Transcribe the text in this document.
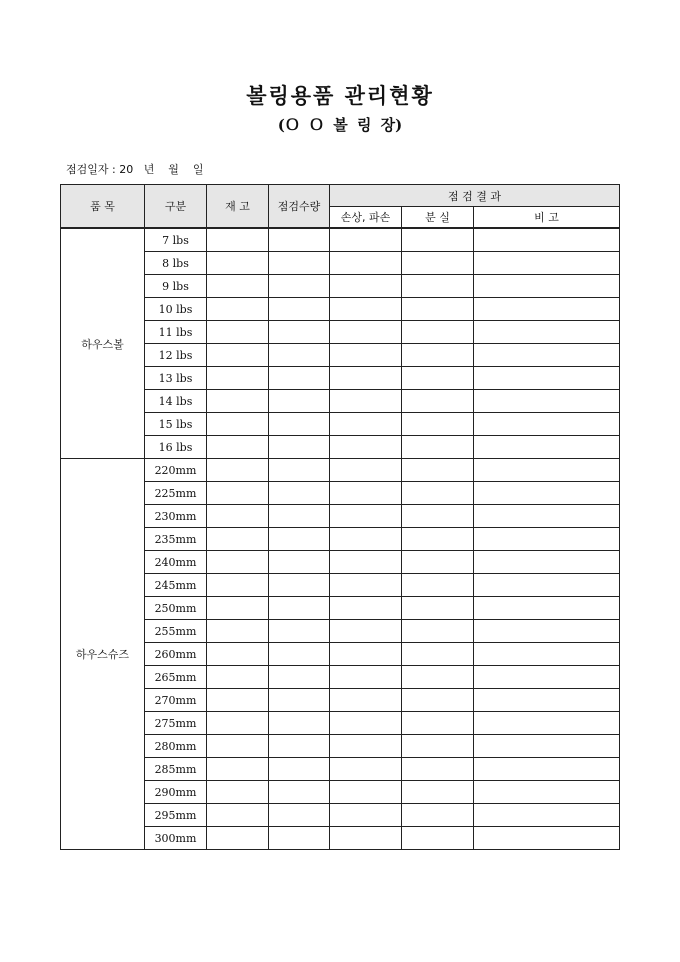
볼링용품 관리현황
(Ｏ Ｏ 볼 링 장)
점검일자 : 20   년    월    일
품 목	구분	재 고	점검수량	점 검 결 과		
				손상, 파손	분 실	비 고
하우스볼	7 lbs					
	8 lbs					
	9 lbs					
	10 lbs					
	11 lbs					
	12 lbs					
	13 lbs					
	14 lbs					
	15 lbs					
	16 lbs					
하우스슈즈	220mm					
	225mm					
	230mm					
	235mm					
	240mm					
	245mm					
	250mm					
	255mm					
	260mm					
	265mm					
	270mm					
	275mm					
	280mm					
	285mm					
	290mm					
	295mm					
	300mm					
